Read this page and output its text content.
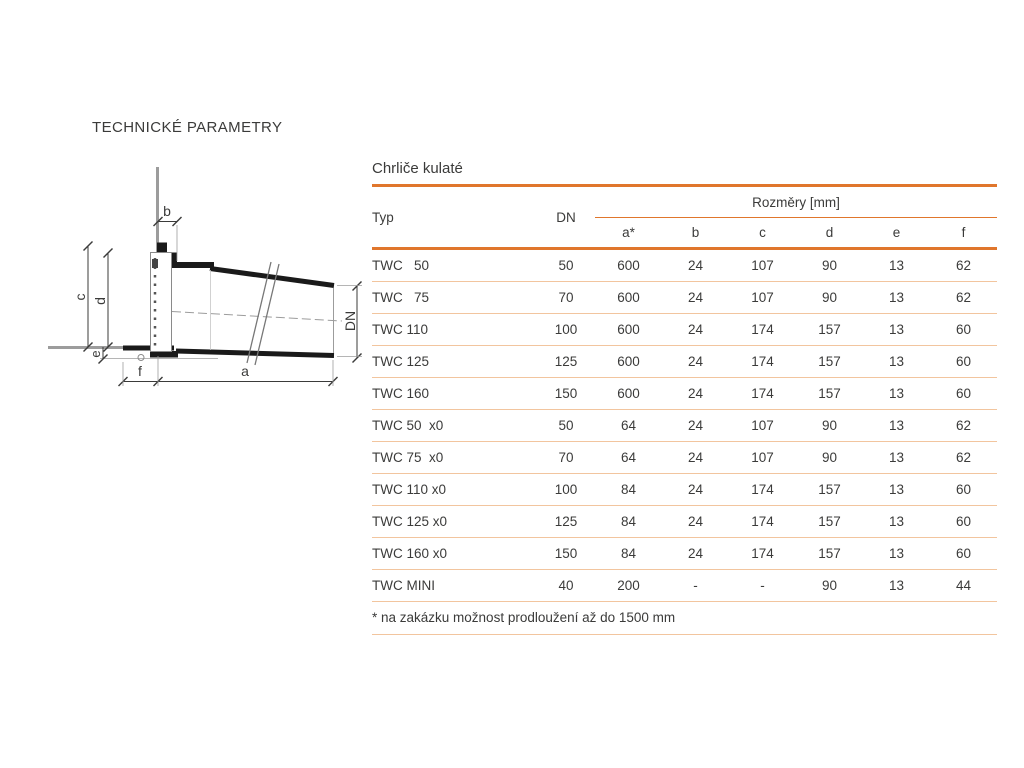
TECHNICKÉ PARAMETRY
b
c
d
e
f	a
DN
Chrliče kulaté
Typ	DN	Rozměry [mm]					
		a*	b	c	d	e	f
TWC   50	50	600	24	107	90	13	62
TWC   75	70	600	24	107	90	13	62
TWC 110	100	600	24	174	157	13	60
TWC 125	125	600	24	174	157	13	60
TWC 160	150	600	24	174	157	13	60
TWC 50  x0	50	64	24	107	90	13	62
TWC 75  x0	70	64	24	107	90	13	62
TWC 110 x0	100	84	24	174	157	13	60
TWC 125 x0	125	84	24	174	157	13	60
TWC 160 x0	150	84	24	174	157	13	60
TWC MINI	40	200	-	-	90	13	44
* na zakázku možnost prodloužení až do 1500 mm							
